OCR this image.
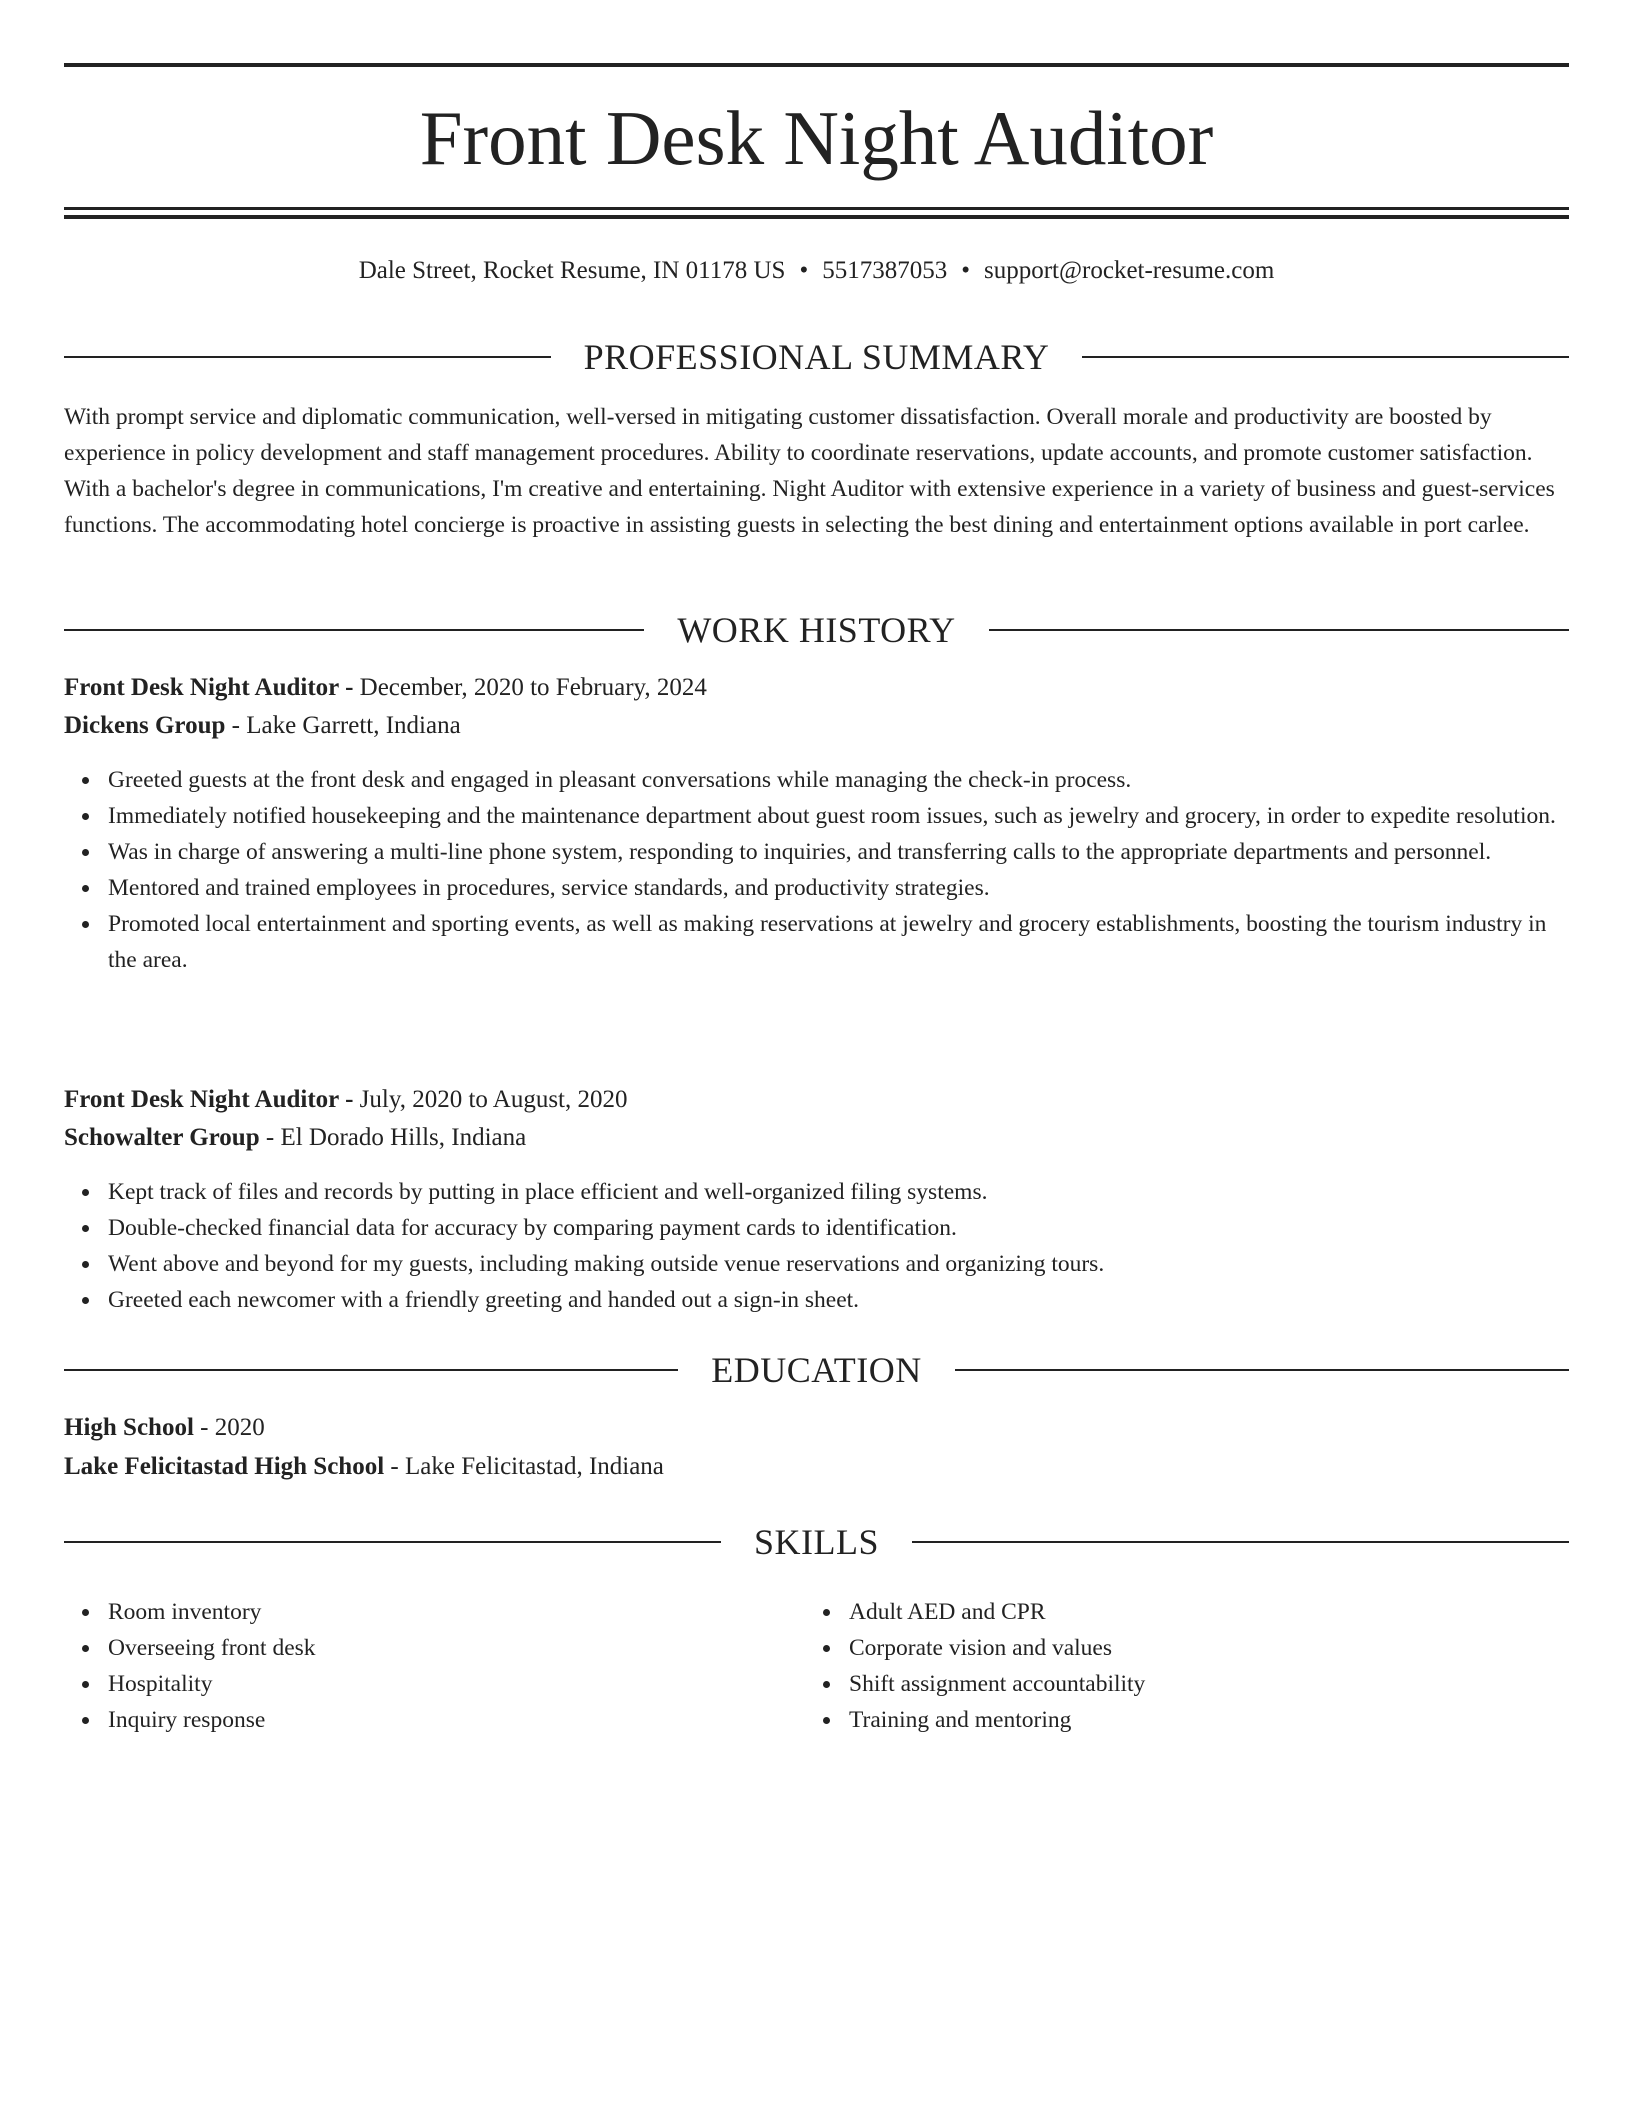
Front Desk Night Auditor
Dale Street, Rocket Resume, IN 01178 US • 5517387053 • support@rocket-resume.com
PROFESSIONAL SUMMARY

With prompt service and diplomatic communication, well-versed in mitigating customer dissatisfaction. Overall morale and productivity are boosted by experience in policy development and staff management procedures. Ability to coordinate reservations, update accounts, and promote customer satisfaction. With a bachelor's degree in communications, I'm creative and entertaining. Night Auditor with extensive experience in a variety of business and guest-services functions. The accommodating hotel concierge is proactive in assisting guests in selecting the best dining and entertainment options available in port carlee.

WORK HISTORY
Front Desk Night Auditor - December, 2020 to February, 2024
Dickens Group - Lake Garrett, Indiana
Greeted guests at the front desk and engaged in pleasant conversations while managing the check-in process.
Immediately notified housekeeping and the maintenance department about guest room issues, such as jewelry and grocery, in order to expedite resolution.
Was in charge of answering a multi-line phone system, responding to inquiries, and transferring calls to the appropriate departments and personnel.
Mentored and trained employees in procedures, service standards, and productivity strategies.
Promoted local entertainment and sporting events, as well as making reservations at jewelry and grocery establishments, boosting the tourism industry in the area.
Front Desk Night Auditor - July, 2020 to August, 2020
Schowalter Group - El Dorado Hills, Indiana
Kept track of files and records by putting in place efficient and well-organized filing systems.
Double-checked financial data for accuracy by comparing payment cards to identification.
Went above and beyond for my guests, including making outside venue reservations and organizing tours.
Greeted each newcomer with a friendly greeting and handed out a sign-in sheet.
EDUCATION
High School - 2020
Lake Felicitastad High School - Lake Felicitastad, Indiana
SKILLS
Room inventory
Overseeing front desk
Hospitality
Inquiry response
Adult AED and CPR
Corporate vision and values
Shift assignment accountability
Training and mentoring
